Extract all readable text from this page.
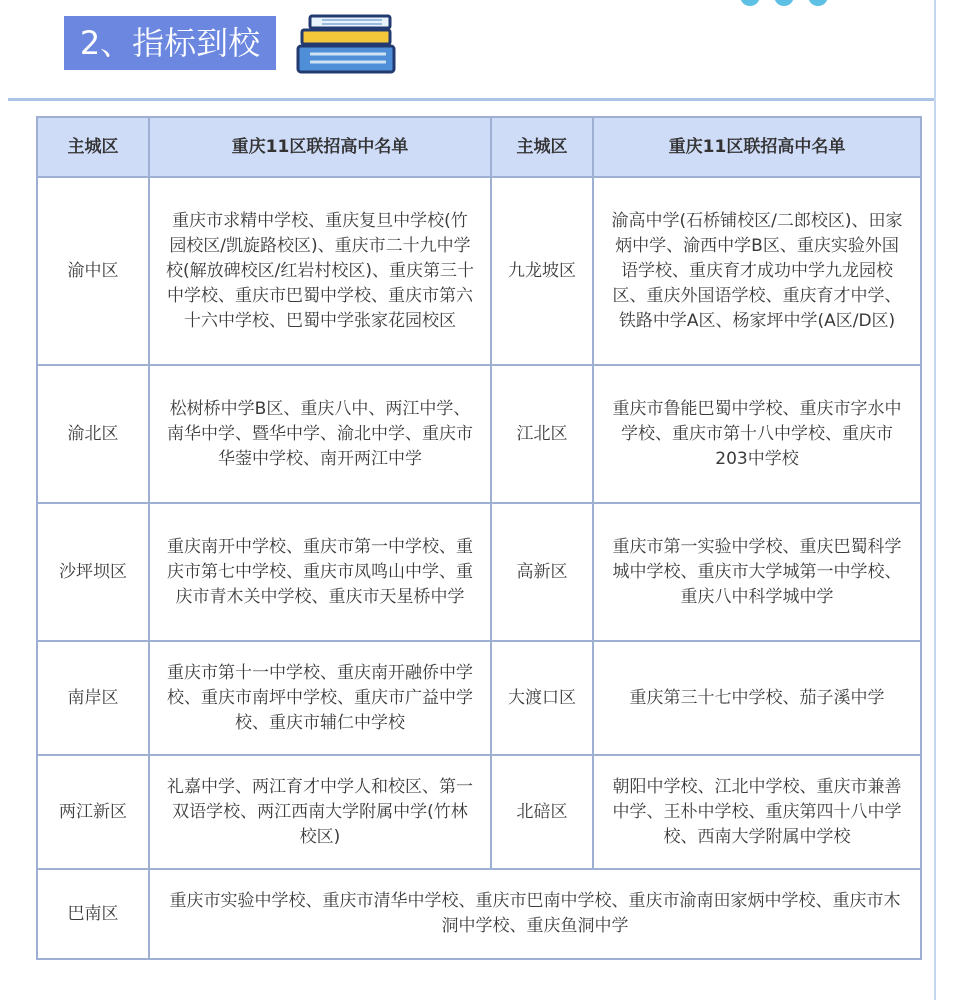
2、指标到校
主城区	重庆11区联招高中名单	主城区	重庆11区联招高中名单
渝中区	重庆市求精中学校、重庆复旦中学校(竹园校区/凯旋路校区)、重庆市二十九中学校(解放碑校区/红岩村校区)、重庆第三十中学校、重庆市巴蜀中学校、重庆市第六十六中学校、巴蜀中学张家花园校区	九龙坡区	渝高中学(石桥铺校区/二郎校区)、田家炳中学、渝西中学B区、重庆实验外国语学校、重庆育才成功中学九龙园校区、重庆外国语学校、重庆育才中学、铁路中学A区、杨家坪中学(A区/D区)
渝北区	松树桥中学B区、重庆八中、两江中学、南华中学、暨华中学、渝北中学、重庆市华蓥中学校、南开两江中学	江北区	重庆市鲁能巴蜀中学校、重庆市字水中学校、重庆市第十八中学校、重庆市203中学校
沙坪坝区	重庆南开中学校、重庆市第一中学校、重庆市第七中学校、重庆市凤鸣山中学、重庆市青木关中学校、重庆市天星桥中学	高新区	重庆市第一实验中学校、重庆巴蜀科学城中学校、重庆市大学城第一中学校、重庆八中科学城中学
南岸区	重庆市第十一中学校、重庆南开融侨中学校、重庆市南坪中学校、重庆市广益中学校、重庆市辅仁中学校	大渡口区	重庆第三十七中学校、茄子溪中学
两江新区	礼嘉中学、两江育才中学人和校区、第一双语学校、两江西南大学附属中学(竹林校区)	北碚区	朝阳中学校、江北中学校、重庆市兼善中学、王朴中学校、重庆第四十八中学校、西南大学附属中学校
巴南区	重庆市实验中学校、重庆市清华中学校、重庆市巴南中学校、重庆市渝南田家炳中学校、重庆市木洞中学校、重庆鱼洞中学		
